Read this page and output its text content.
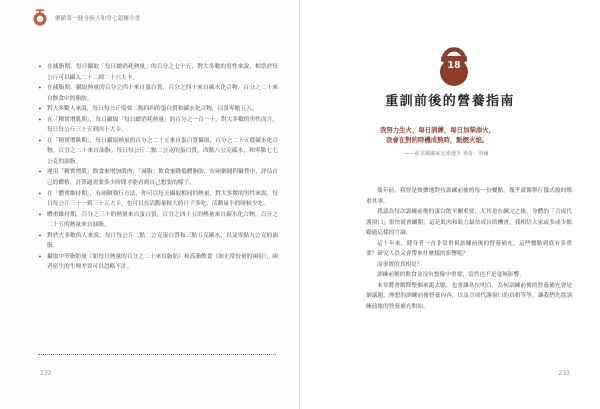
樂齡第一健身指人和學七超練全書
• 在減脂期，每日攝取「每日總消耗熱量」的百分之七十五，對大多數的男性來說，相當於每公斤可以攝入二十二到二十六大卡。
• 在減脂期，攝取熱量的百分之四十來自蛋白質，百分之四十來自碳水化合物，百分之二十來自飲食中的脂肪。
• 對大多數人來說，每日每公斤需要二點四四的蛋白質和碳水化合物，以及零點五五。
• 在「精實增肌期」，每日攝取「每日總消耗熱量」的百分之一百一十，對大多數的男性而言，每日每公斤三十五到四十大卡。
• 在「精實增肌期」，每日攝取熱量的百分之二十五來自蛋白質攝取，百分之二十五從碳水化合物，百分之二十來自油脂。每日每公斤二點二公克的蛋白質，四點八公克碳水，和零點七七公克的油脂。
• 運用「精實增肌」飲食來增加肌肉，「減脂」飲食來降低體脂肪，在兩個週程輪替中，評估自己的體格，計算適需要多少時間才能看到自己想要的樣子。
• 在「體重維持期」，有兩個執行方法，你可以每天攝取相同的熱量，對大多數的男性來說，每日每公斤三十一到三十五大卡，也可以在活動量較大的日子多吃，活動量小的時候少吃。
• 體重維持期，百分之三十的熱量來自蛋白質，百分之四十五的熱量來自碳水化合物，百分之二十五的熱量來自油脂。
• 對於大多數的人來說，每日每公斤二點二公克蛋白質和三點五克碳水，以及零點九公克的油脂。
• 攝取中等脂肪量（如每日熱量的百分之二十來自脂肪）和高脂飲食（如正常份量的兩倍），兩者產生的生理差異可以忽略不計。
232
18
重訓前後的營養指南
我努力生火，每日訓練，每日加柴添火，
我會在對的時機成熟時，點燃火焰。
——前美國國家足球選手 米奇．洛爾

幾年前，我曾是娛樂地對待訓練前後的每一份餐點，幾乎就像舉行儀式般的鄭重其事。

我認為每次訓練前後的蛋白飲至關重要，尤其是在練完之後，身體的「合成代謝窗口」很快就會關閉，這是肌肉和肌力最快成長的機會，我相信大家或多或少都聽過這樣的言論。

這十年來，健身者一直非常重視訓練前後的營養補充，這些餐點到底有多重要？研究人員又會帶來什麼樣的影響呢？

而事實的真相是？

訓練前後的飲食並沒有想像中重要，當然也不是毫無影響。

本章將會解釋整個來龍去脈，也會讓各位明白，為何訓練前後的營養補充會是個議題、理想的訓練前後營養內容，以及合成代謝窗口的真相等等，讓我們先從訓練前後的營養補充開始。

233
